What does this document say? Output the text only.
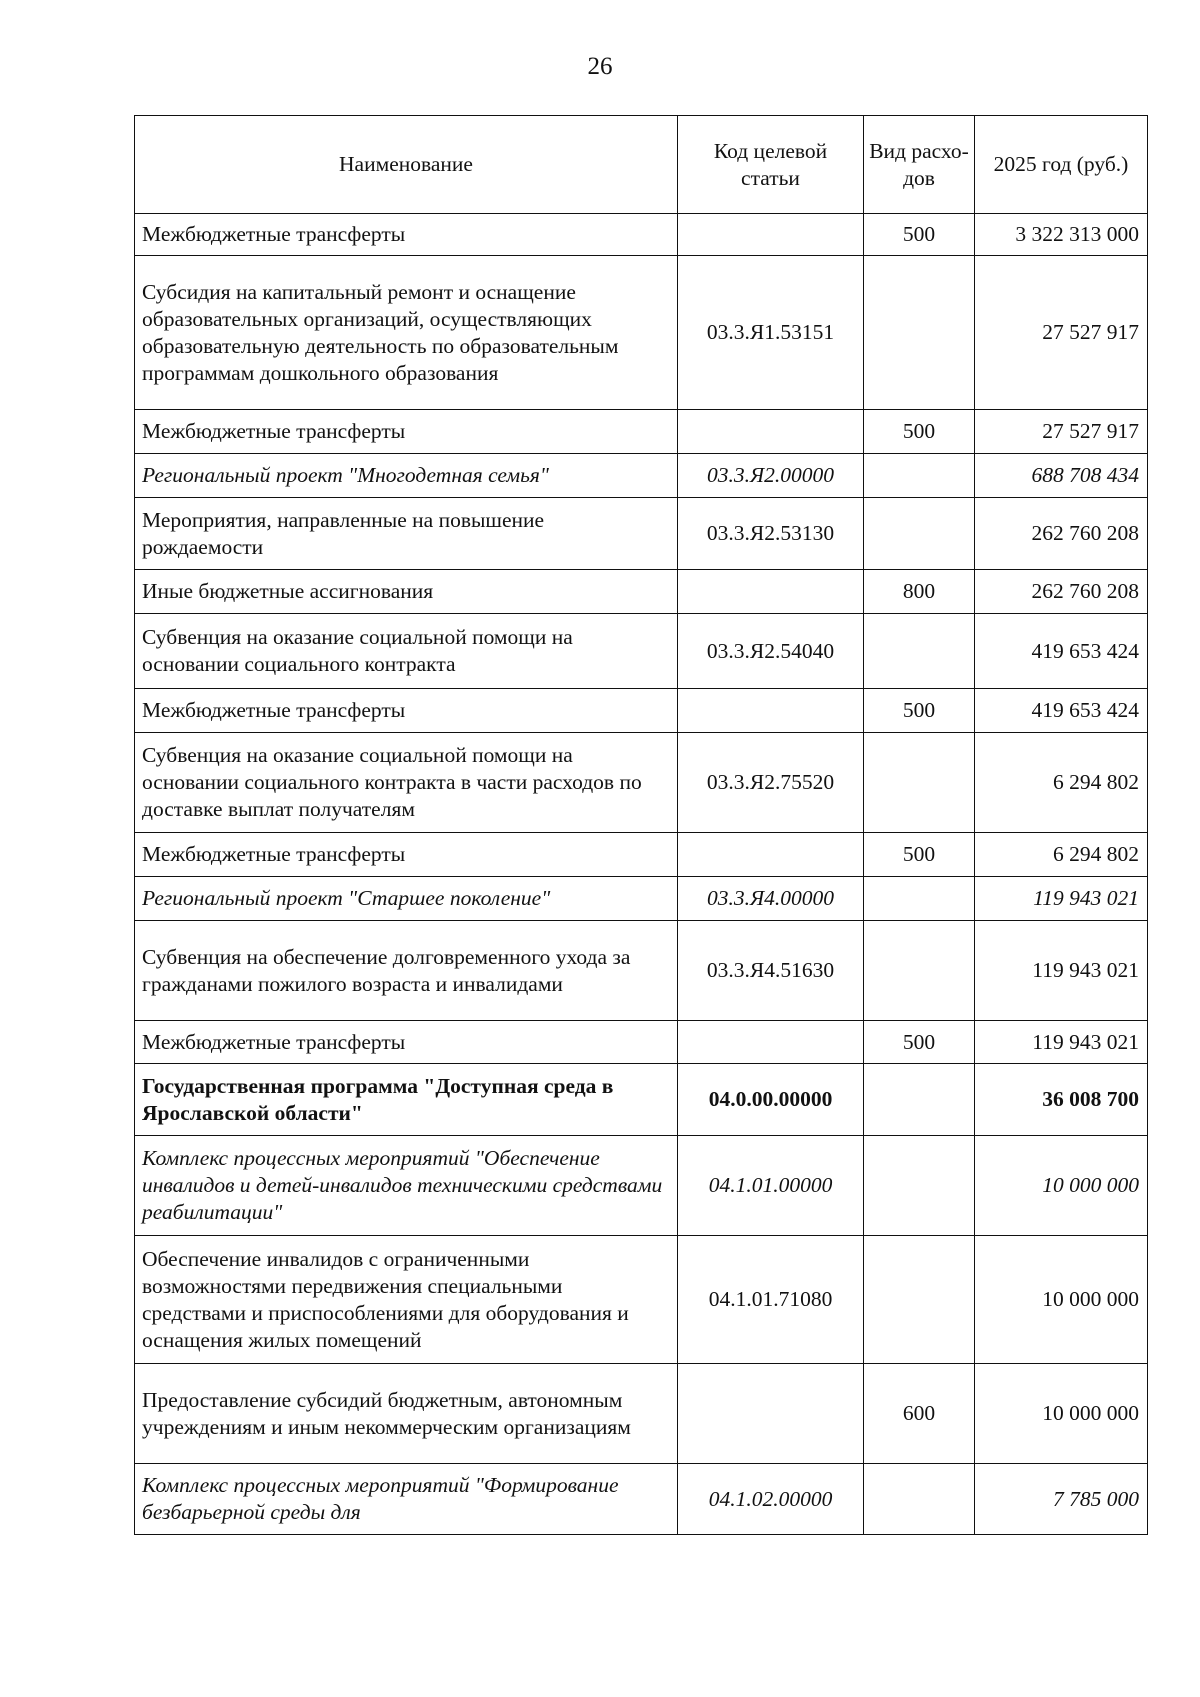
26
Наименование	Код целевой статьи	Вид расхо-дов	2025 год (руб.)
Межбюджетные трансферты		500	3 322 313 000
Субсидия на капитальный ремонт и оснащение образовательных организаций, осуществляющих образовательную деятельность по образовательным программам дошкольного образования	03.3.Я1.53151		27 527 917
Межбюджетные трансферты		500	27 527 917
Региональный проект "Многодетная семья"	03.3.Я2.00000		688 708 434
Мероприятия, направленные на повышение рождаемости	03.3.Я2.53130		262 760 208
Иные бюджетные ассигнования		800	262 760 208
Субвенция на оказание социальной помощи на основании социального контракта	03.3.Я2.54040		419 653 424
Межбюджетные трансферты		500	419 653 424
Субвенция на оказание социальной помощи на основании социального контракта в части расходов по доставке выплат получателям	03.3.Я2.75520		6 294 802
Межбюджетные трансферты		500	6 294 802
Региональный проект "Старшее поколение"	03.3.Я4.00000		119 943 021
Субвенция на обеспечение долговременного ухода за гражданами пожилого возраста и инвалидами	03.3.Я4.51630		119 943 021
Межбюджетные трансферты		500	119 943 021
Государственная программа "Доступная среда в Ярославской области"	04.0.00.00000		36 008 700
Комплекс процессных мероприятий "Обеспечение инвалидов и детей-инвалидов техническими средствами реабилитации"	04.1.01.00000		10 000 000
Обеспечение инвалидов с ограниченными возможностями передвижения специальными средствами и приспособлениями для оборудования и оснащения жилых помещений	04.1.01.71080		10 000 000
Предоставление субсидий бюджетным, автономным учреждениям и иным некоммерческим организациям		600	10 000 000
Комплекс процессных мероприятий "Формирование безбарьерной среды для	04.1.02.00000		7 785 000
